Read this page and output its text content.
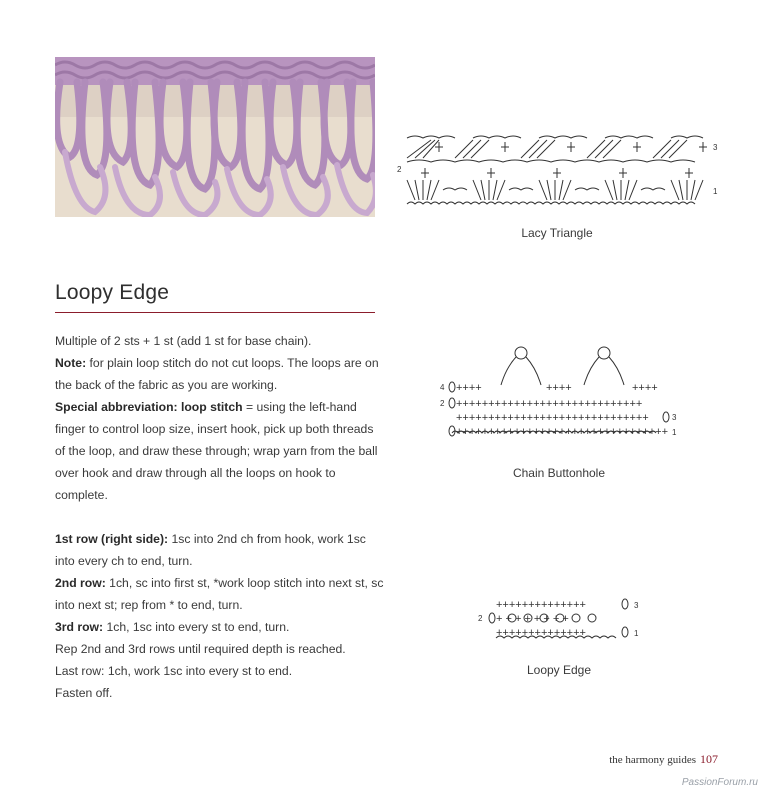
3
2
1
Lacy Triangle
+++++++++++++++++++++++++++++++++
++++++++++++++++++++++++++++++
+++++++++++++++++++++++++++++
++++	++++	++++
1
3
2
4
Chain Buttonhole
++++++++++++++
+ + + + + + + +
++++++++++++++
3
2
1
Loopy Edge
Loopy Edge

Multiple of 2 sts + 1 st (add 1 st for base chain).

Note: for plain loop stitch do not cut loops. The loops are on the back of the fabric as you are working.

Special abbreviation: loop stitch = using the left-hand finger to control loop size, insert hook, pick up both threads of the loop, and draw these through; wrap yarn from the ball over hook and draw through all the loops on hook to complete.

1st row (right side): 1sc into 2nd ch from hook, work 1sc into every ch to end, turn.

2nd row: 1ch, sc into first st, *work loop stitch into next st, sc into next st; rep from * to end, turn.

3rd row: 1ch, 1sc into every st to end, turn.

Rep 2nd and 3rd rows until required depth is reached.

Last row: 1ch, work 1sc into every st to end.

Fasten off.

the harmony guides 107
PassionForum.ru
